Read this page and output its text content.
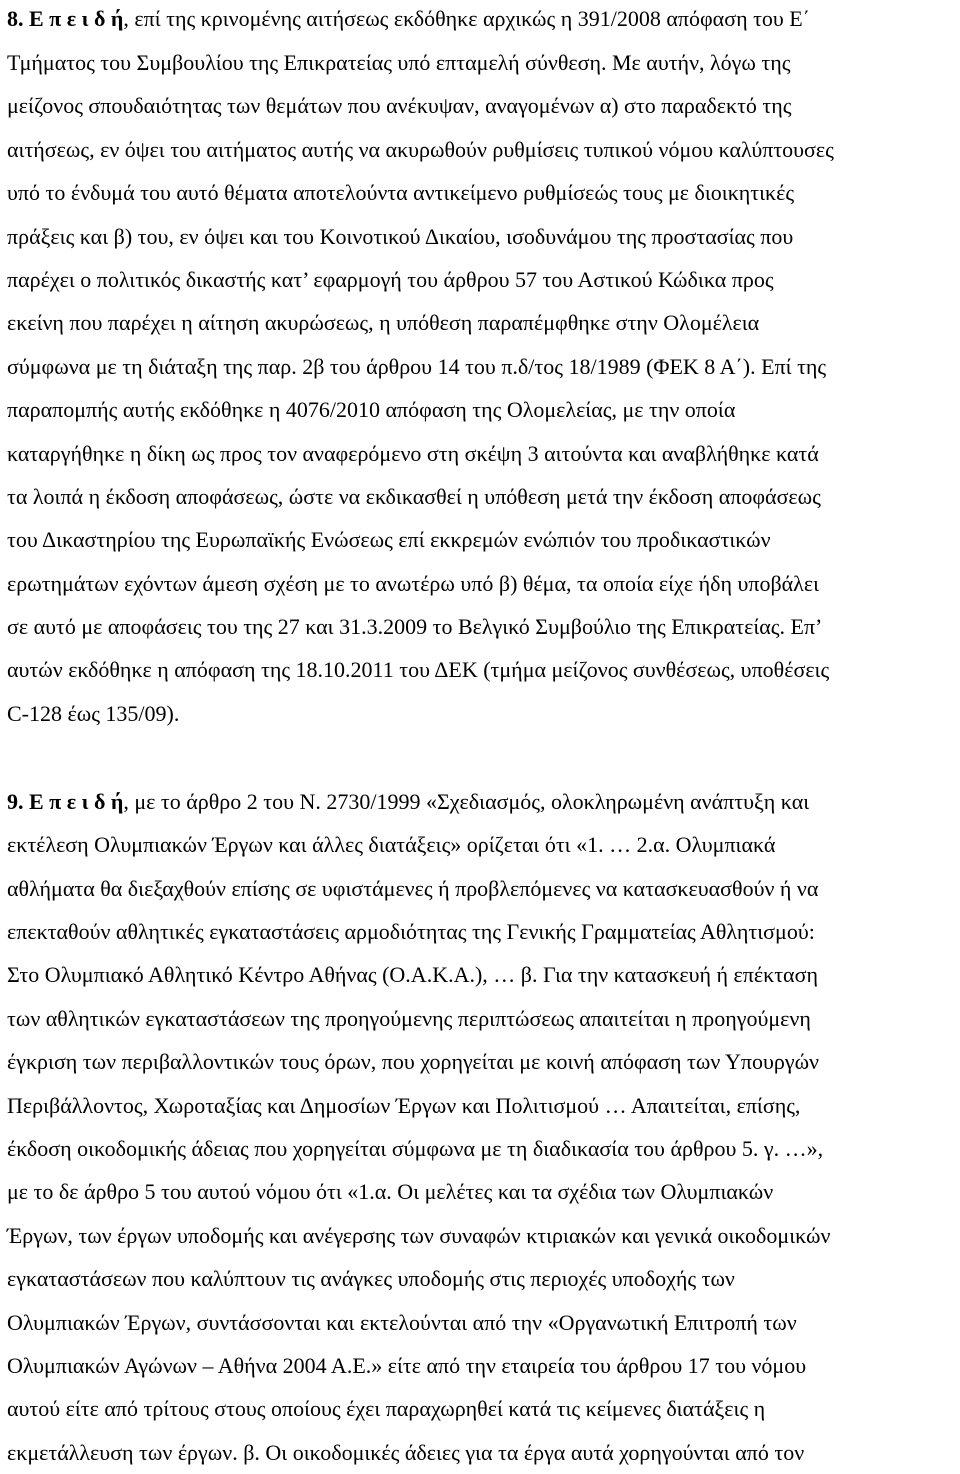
8. Ε π ε ι δ ή, επί της κρινομένης αιτήσεως εκδόθηκε αρχικώς η 391/2008 απόφαση του Ε΄
Τμήματος του Συμβουλίου της Επικρατείας υπό επταμελή σύνθεση. Με αυτήν, λόγω της
μείζονος σπουδαιότητας των θεμάτων που ανέκυψαν, αναγομένων α) στο παραδεκτό της
αιτήσεως, εν όψει του αιτήματος αυτής να ακυρωθούν ρυθμίσεις τυπικού νόμου καλύπτουσες
υπό το ένδυμά του αυτό θέματα αποτελούντα αντικείμενο ρυθμίσεώς τους με διοικητικές
πράξεις και β) του, εν όψει και του Κοινοτικού Δικαίου, ισοδυνάμου της προστασίας που
παρέχει ο πολιτικός δικαστής κατ’ εφαρμογή του άρθρου 57 του Αστικού Κώδικα προς
εκείνη που παρέχει η αίτηση ακυρώσεως, η υπόθεση παραπέμφθηκε στην Ολομέλεια
σύμφωνα με τη διάταξη της παρ. 2β του άρθρου 14 του π.δ/τος 18/1989 (ΦΕΚ 8 Α΄). Επί της
παραπομπής αυτής εκδόθηκε η 4076/2010 απόφαση της Ολομελείας, με την οποία
καταργήθηκε η δίκη ως προς τον αναφερόμενο στη σκέψη 3 αιτούντα και αναβλήθηκε κατά
τα λοιπά η έκδοση αποφάσεως, ώστε να εκδικασθεί η υπόθεση μετά την έκδοση αποφάσεως
του Δικαστηρίου της Ευρωπαϊκής Ενώσεως επί εκκρεμών ενώπιόν του προδικαστικών
ερωτημάτων εχόντων άμεση σχέση με το ανωτέρω υπό β) θέμα, τα οποία είχε ήδη υποβάλει
σε αυτό με αποφάσεις του της 27 και 31.3.2009 το Βελγικό Συμβούλιο της Επικρατείας. Επ’
αυτών εκδόθηκε η απόφαση της 18.10.2011 του ΔΕΚ (τμήμα μείζονος συνθέσεως, υποθέσεις
C-128 έως 135/09).
9. Ε π ε ι δ ή, με το άρθρο 2 του Ν. 2730/1999 «Σχεδιασμός, ολοκληρωμένη ανάπτυξη και
εκτέλεση Ολυμπιακών Έργων και άλλες διατάξεις» ορίζεται ότι «1. … 2.α. Ολυμπιακά
αθλήματα θα διεξαχθούν επίσης σε υφιστάμενες ή προβλεπόμενες να κατασκευασθούν ή να
επεκταθούν αθλητικές εγκαταστάσεις αρμοδιότητας της Γενικής Γραμματείας Αθλητισμού:
Στο Ολυμπιακό Αθλητικό Κέντρο Αθήνας (Ο.Α.Κ.Α.), … β. Για την κατασκευή ή επέκταση
των αθλητικών εγκαταστάσεων της προηγούμενης περιπτώσεως απαιτείται η προηγούμενη
έγκριση των περιβαλλοντικών τους όρων, που χορηγείται με κοινή απόφαση των Υπουργών
Περιβάλλοντος, Χωροταξίας και Δημοσίων Έργων και Πολιτισμού … Απαιτείται, επίσης,
έκδοση οικοδομικής άδειας που χορηγείται σύμφωνα με τη διαδικασία του άρθρου 5. γ. …»,
με το δε άρθρο 5 του αυτού νόμου ότι «1.α. Οι μελέτες και τα σχέδια των Ολυμπιακών
Έργων, των έργων υποδομής και ανέγερσης των συναφών κτιριακών και γενικά οικοδομικών
εγκαταστάσεων που καλύπτουν τις ανάγκες υποδομής στις περιοχές υποδοχής των
Ολυμπιακών Έργων, συντάσσονται και εκτελούνται από την «Οργανωτική Επιτροπή των
Ολυμπιακών Αγώνων – Αθήνα 2004 Α.Ε.» είτε από την εταιρεία του άρθρου 17 του νόμου
αυτού είτε από τρίτους στους οποίους έχει παραχωρηθεί κατά τις κείμενες διατάξεις η
εκμετάλλευση των έργων. β. Οι οικοδομικές άδειες για τα έργα αυτά χορηγούνται από τον
